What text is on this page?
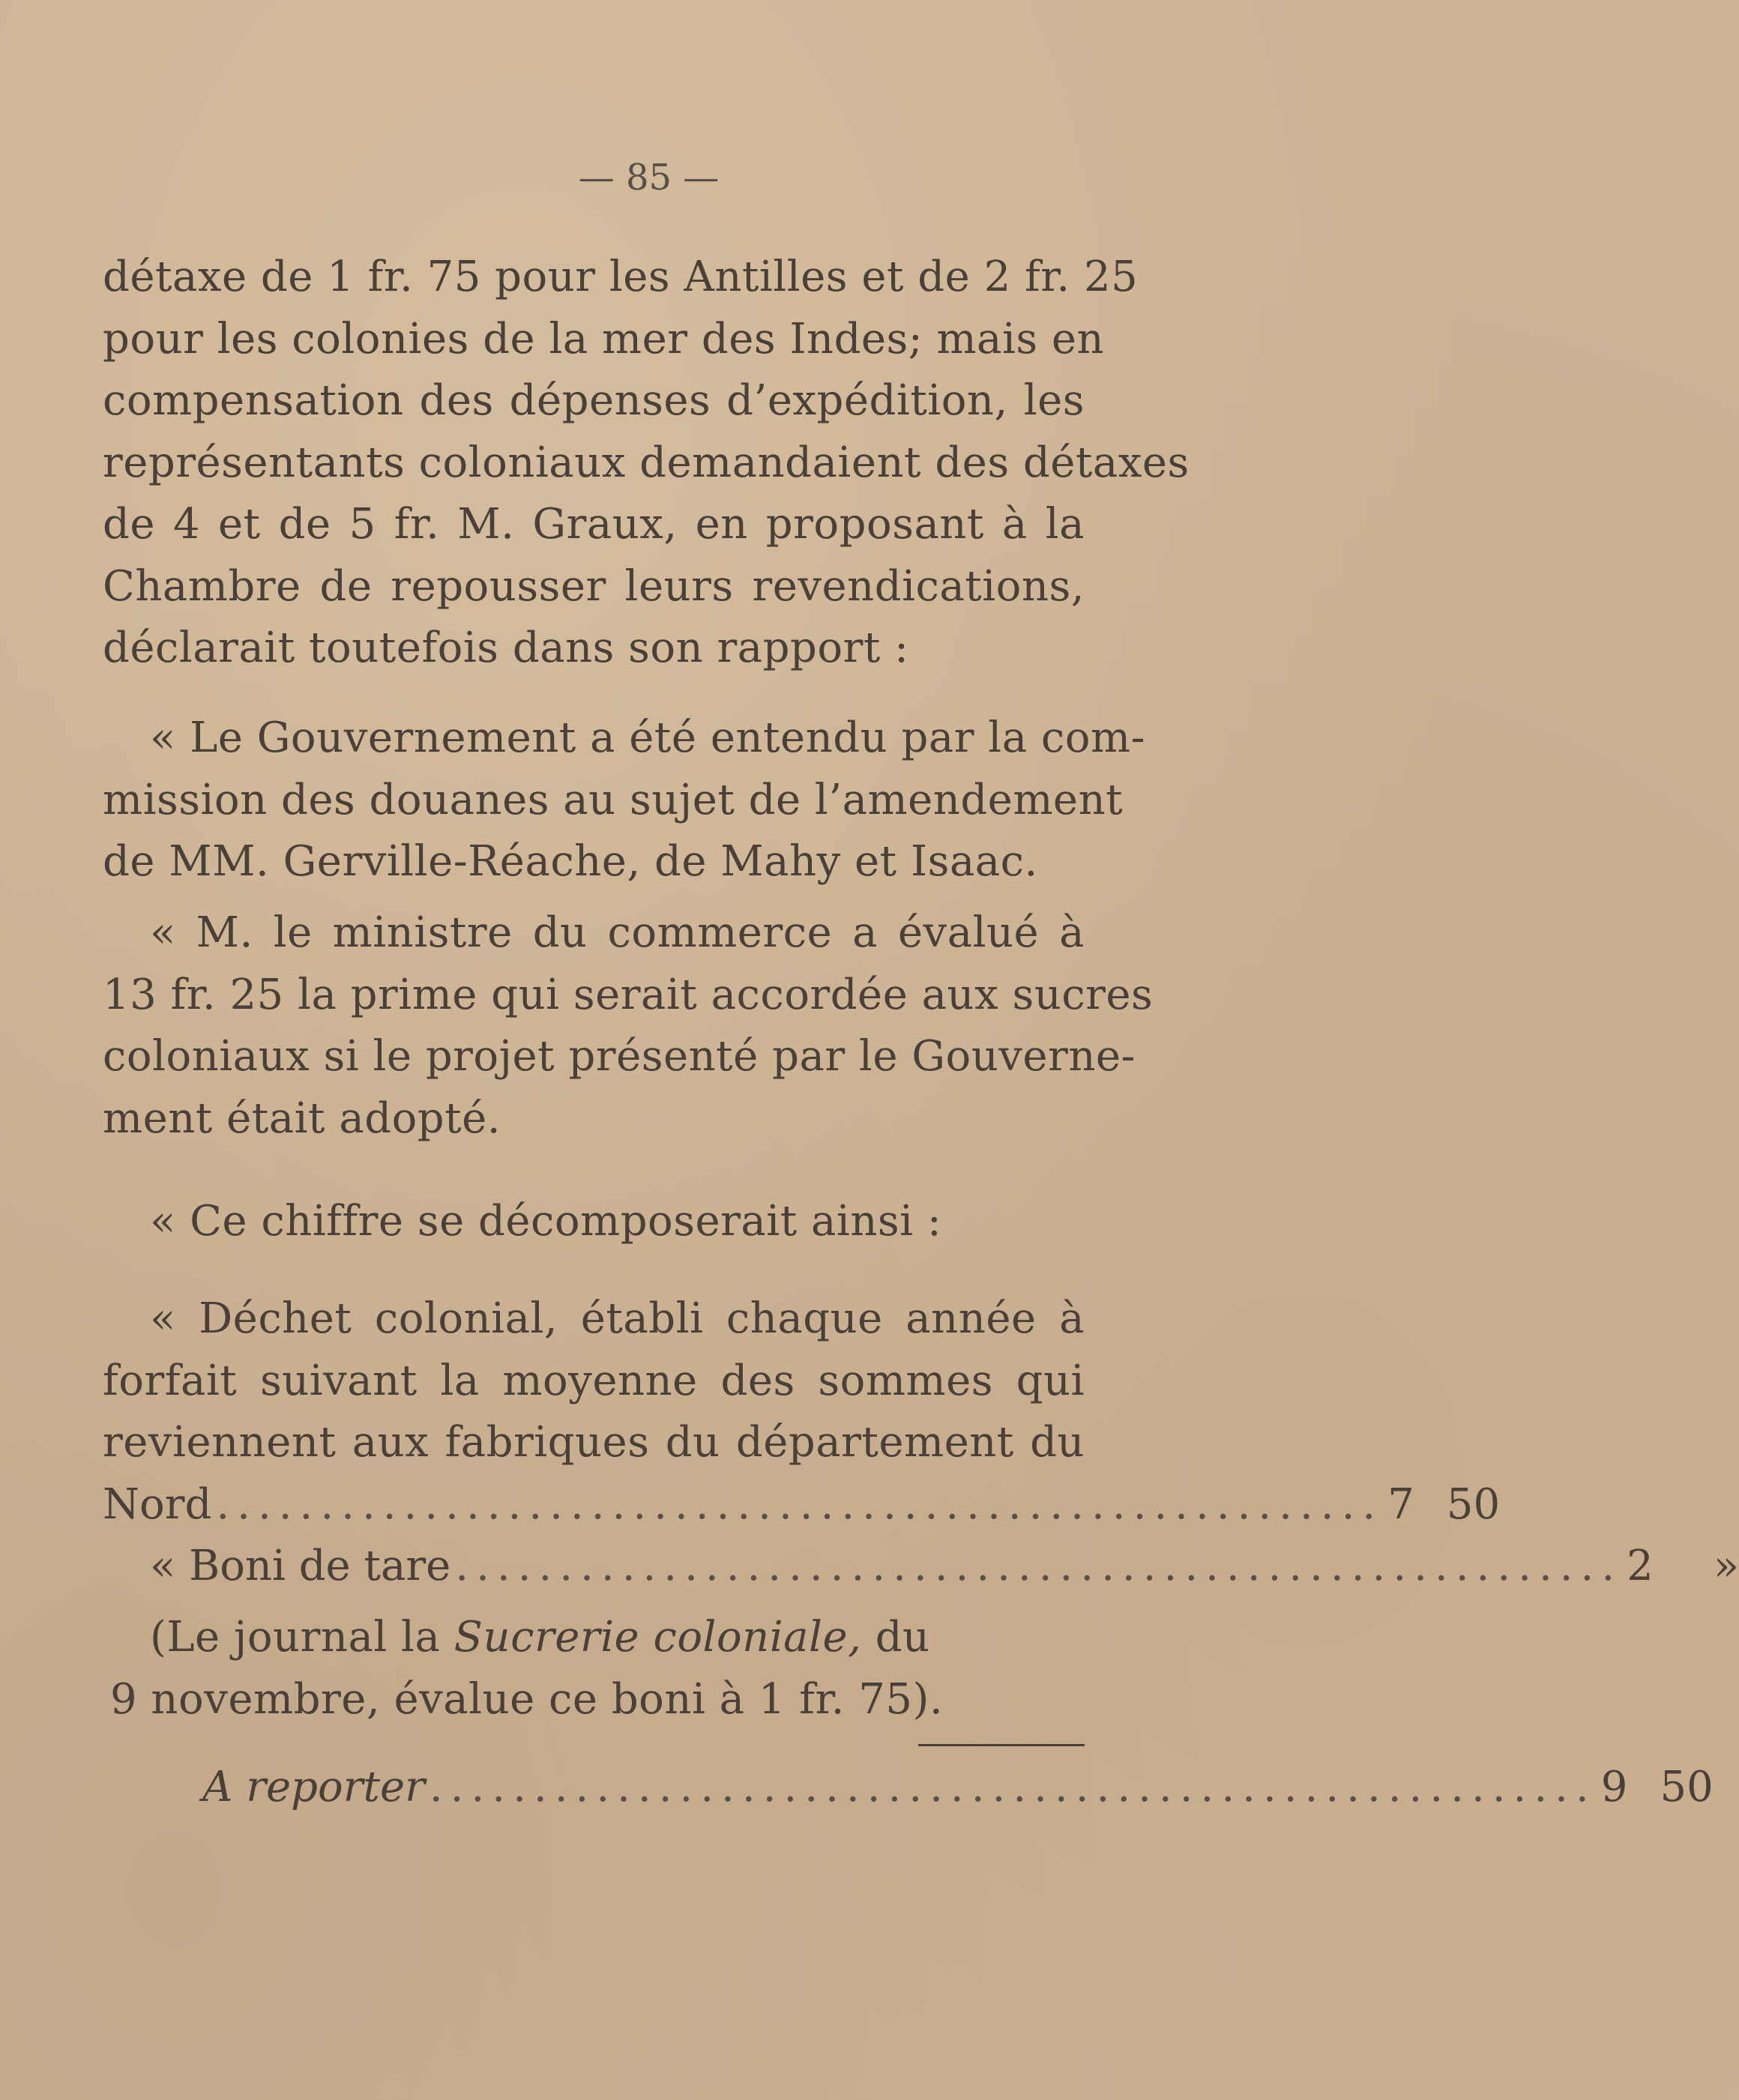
— 85 —
détaxe de 1 fr. 75 pour les Antilles et de 2 fr. 25
pour les colonies de la mer des Indes; mais en
compensation des dépenses d’expédition, les
représentants coloniaux demandaient des détaxes
de 4 et de 5 fr. M. Graux, en proposant à la
Chambre de repousser leurs revendications,
déclarait toutefois dans son rapport :
« Le Gouvernement a été entendu par la com-
mission des douanes au sujet de l’amendement
de MM. Gerville-Réache, de Mahy et Isaac.
« M. le ministre du commerce a évalué à
13 fr. 25 la prime qui serait accordée aux sucres
coloniaux si le projet présenté par le Gouverne-
ment était adopté.
« Ce chiffre se décomposerait ainsi :
« Déchet colonial, établi chaque année à
forfait suivant la moyenne des sommes qui
reviennent aux fabriques du département du
Nord ........................................................ 7 50
« Boni de tare ........................................................ 2 »
(Le journal la Sucrerie coloniale, du
9 novembre, évalue ce boni à 1 fr. 75).
A reporter ........................................................ 9 50
